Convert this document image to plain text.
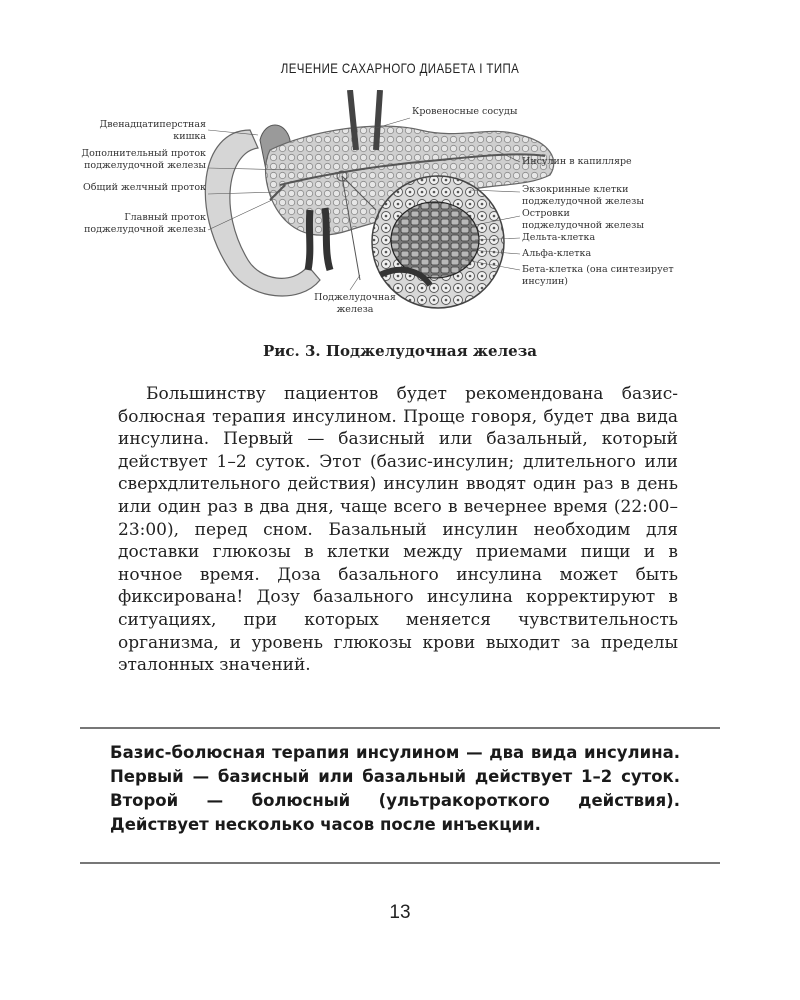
ЛЕЧЕНИЕ САХАРНОГО ДИАБЕТА I ТИПА
Двенадцатиперстная кишка
Дополнительный проток поджелудочной железы
Общий желчный проток
Главный проток поджелудочной железы
Поджелудочная железа
Кровеносные сосуды
Инсулин в капилляре
Экзокринные клетки поджелудочной железы
Островки поджелудочной железы
Дельта-клетка
Альфа-клетка
Бета-клетка (она синтезирует инсулин)
Рис. 3. Поджелудочная железа

Большинству пациентов будет рекомендована базис-болюсная терапия инсулином. Проще говоря, будет два вида инсулина. Первый — базисный или базальный, который действует 1–2 суток. Этот (базис-инсулин; длительного или сверхдлительного действия) инсулин вводят один раз в день или один раз в два дня, чаще всего в вечернее время (22:00–23:00), перед сном. Базальный инсулин необходим для доставки глюкозы в клетки между приемами пищи и в ночное время. Доза базального инсулина может быть фиксирована! Дозу базального инсулина корректируют в ситуациях, при которых меняется чувствительность организма, и уровень глюкозы крови выходит за пределы эталонных значений.

Базис-болюсная терапия инсулином — два вида инсулина. Первый — базисный или базальный действует 1–2 суток. Второй — болюсный (ультракороткого действия). Действует несколько часов после инъекции.
13
